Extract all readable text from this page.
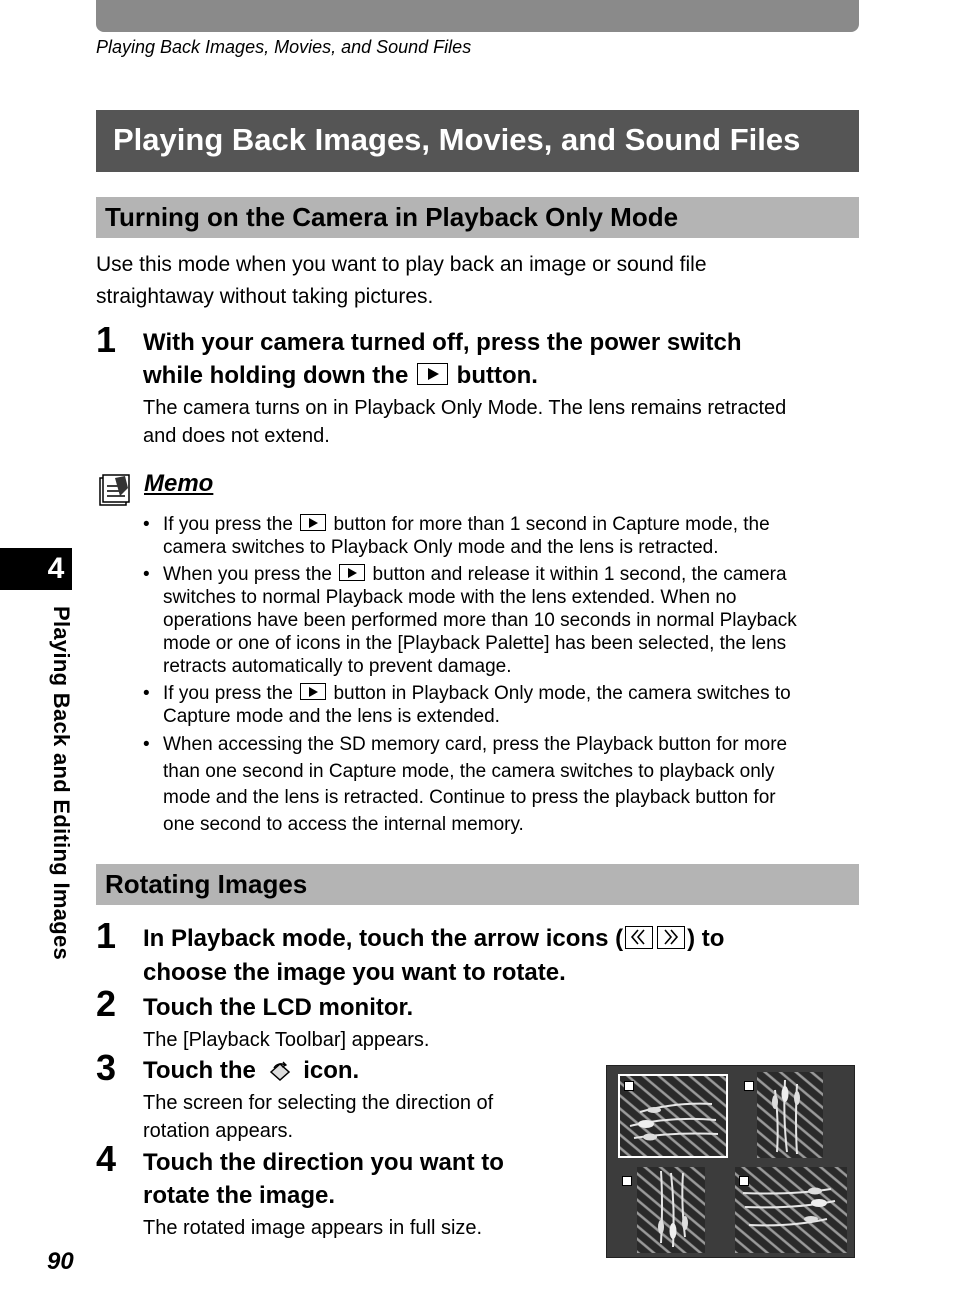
Playing Back Images, Movies, and Sound Files
Playing Back Images, Movies, and Sound Files
Turning on the Camera in Playback Only Mode
Use this mode when you want to play back an image or sound file
straightaway without taking pictures.
1 With your camera turned off, press the power switch
while holding down the button.
The camera turns on in Playback Only Mode. The lens remains retracted
and does not extend.
Memo
• If you press the button for more than 1 second in Capture mode, the
camera switches to Playback Only mode and the lens is retracted.
• When you press the button and release it within 1 second, the camera
switches to normal Playback mode with the lens extended. When no
operations have been performed more than 10 seconds in normal Playback
mode or one of icons in the [Playback Palette] has been selected, the lens
retracts automatically to prevent damage.
• If you press the button in Playback Only mode, the camera switches to
Capture mode and the lens is extended.
• When accessing the SD memory card, press the Playback button for more
than one second in Capture mode, the camera switches to playback only
mode and the lens is retracted. Continue to press the playback button for
one second to access the internal memory.
Rotating Images
1 In Playback mode, touch the arrow icons (	) to
choose the image you want to rotate.
2 Touch the LCD monitor.
The [Playback Toolbar] appears.
3 Touch the icon.
The screen for selecting the direction of
rotation appears.
4 Touch the direction you want to
rotate the image.
The rotated image appears in full size.
4
Playing Back and Editing Images
90
